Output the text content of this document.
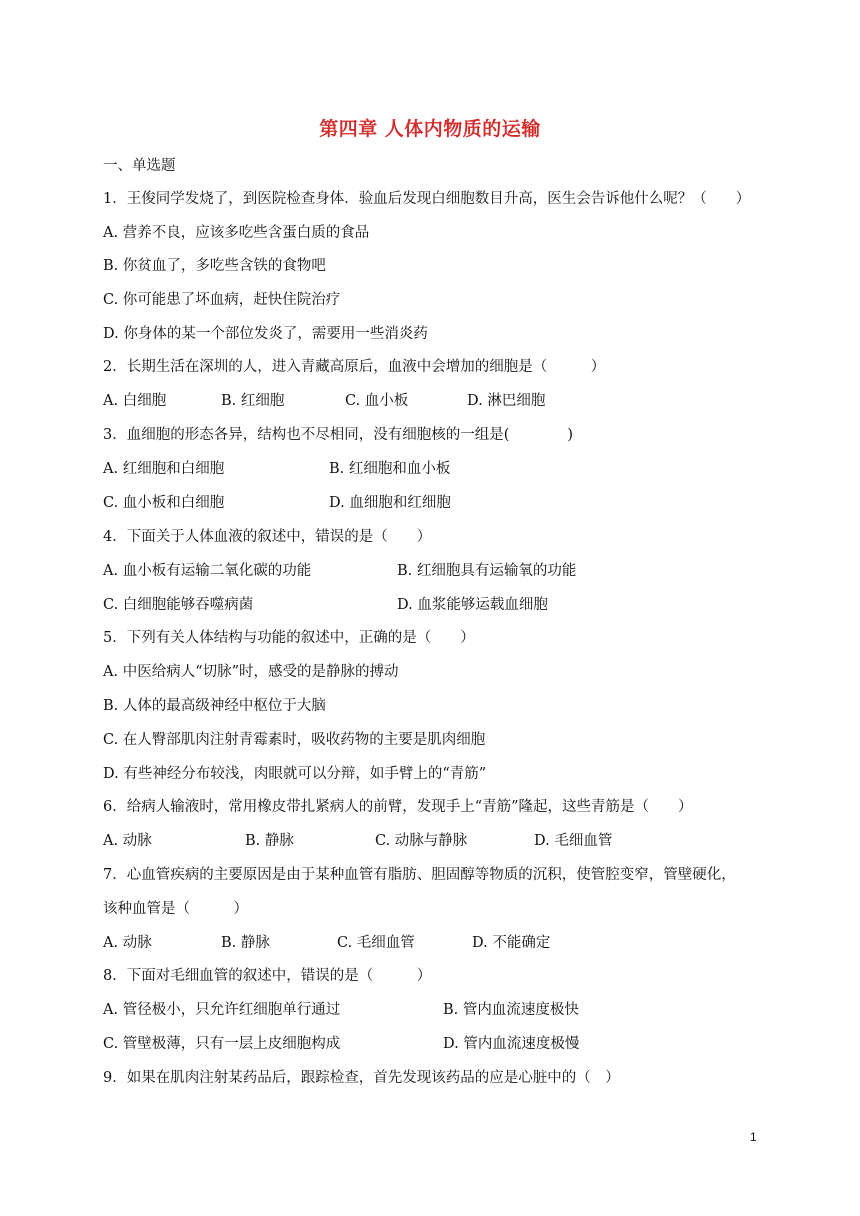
第四章 人体内物质的运输
一、单选题
1．王俊同学发烧了，到医院检查身体．验血后发现白细胞数目升高，医生会告诉他什么呢？（　　）
A. 营养不良，应该多吃些含蛋白质的食品
B. 你贫血了，多吃些含铁的食物吧
C. 你可能患了坏血病，赶快住院治疗
D. 你身体的某一个部位发炎了，需要用一些消炎药
2．长期生活在深圳的人，进入青藏高原后，血液中会增加的细胞是（　　　）
A. 白细胞	B. 红细胞	C. 血小板	D. 淋巴细胞
3．血细胞的形态各异，结构也不尽相同，没有细胞核的一组是(　　　　)
A. 红细胞和白细胞	B. 红细胞和血小板
C. 血小板和白细胞	D. 血细胞和红细胞
4．下面关于人体血液的叙述中，错误的是（　　）
A. 血小板有运输二氧化碳的功能	B. 红细胞具有运输氧的功能
C. 白细胞能够吞噬病菌	D. 血浆能够运载血细胞
5．下列有关人体结构与功能的叙述中，正确的是（　　）
A. 中医给病人“切脉”时，感受的是静脉的搏动
B. 人体的最高级神经中枢位于大脑
C. 在人臀部肌肉注射青霉素时，吸收药物的主要是肌肉细胞
D. 有些神经分布较浅，肉眼就可以分辩，如手臂上的“青筋”
6．给病人输液时，常用橡皮带扎紧病人的前臂，发现手上“青筋”隆起，这些青筋是（　　）
A. 动脉	B. 静脉	C. 动脉与静脉	D. 毛细血管
7．心血管疾病的主要原因是由于某种血管有脂肪、胆固醇等物质的沉积，使管腔变窄，管壁硬化，
该种血管是（　　　）
A. 动脉	B. 静脉	C. 毛细血管	D. 不能确定
8．下面对毛细血管的叙述中，错误的是（　　　）
A. 管径极小，只允许红细胞单行通过	B. 管内血流速度极快
C. 管壁极薄，只有一层上皮细胞构成	D. 管内血流速度极慢
9．如果在肌肉注射某药品后，跟踪检查，首先发现该药品的应是心脏中的（　）
1
